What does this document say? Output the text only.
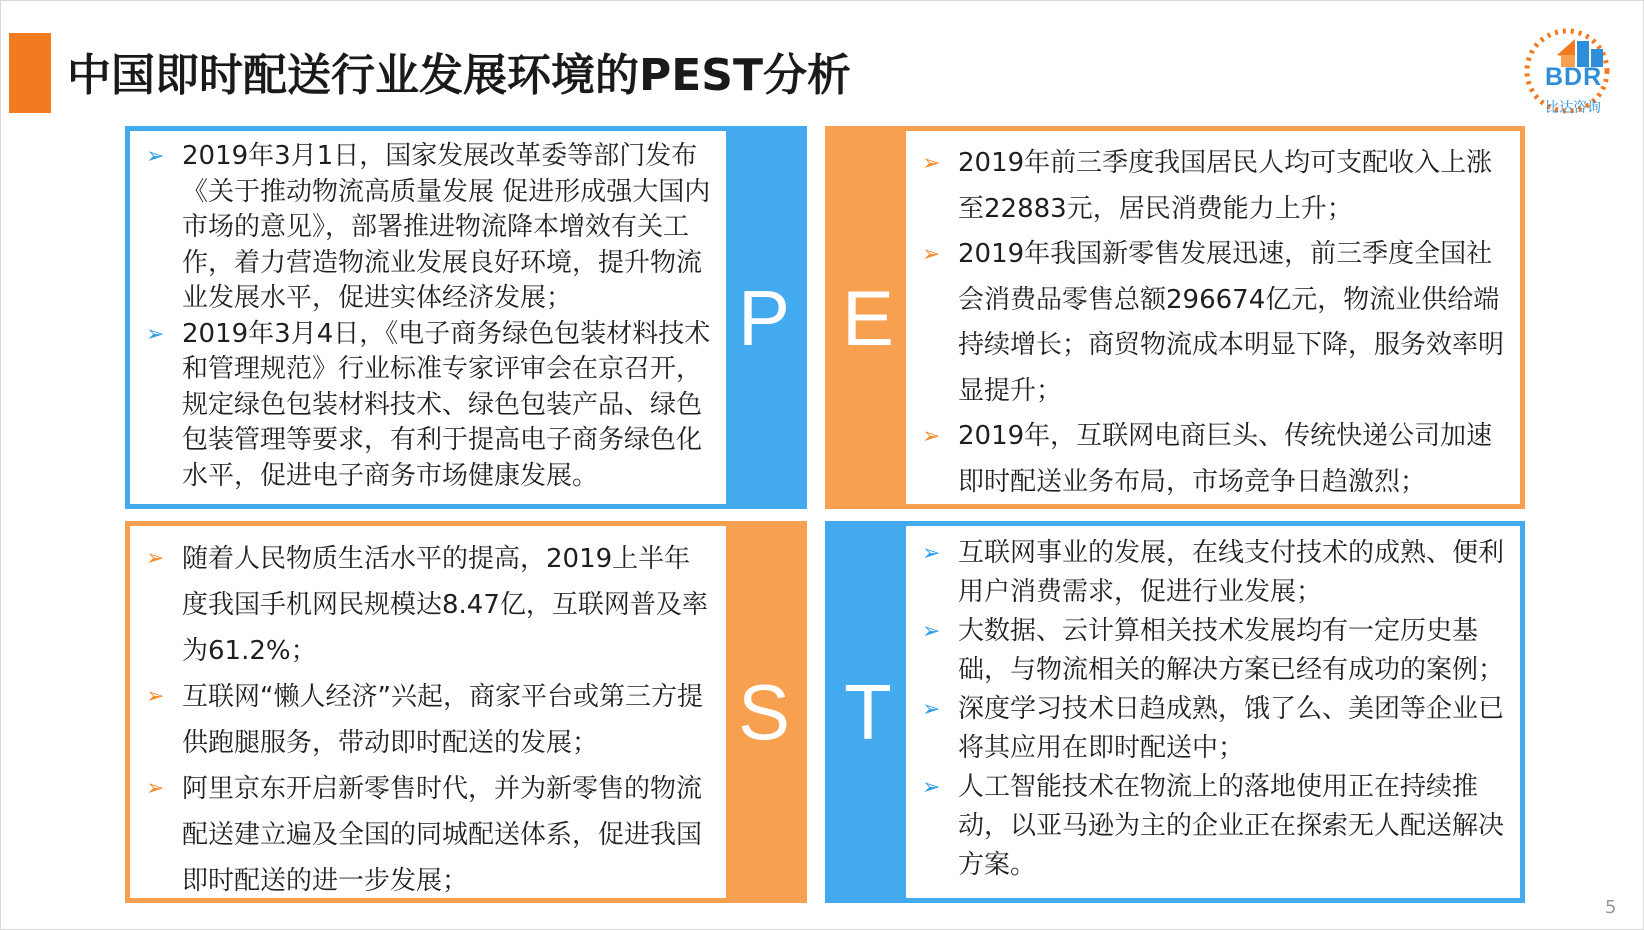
中国即时配送行业发展环境的PEST分析	BDR
比达咨询
➢ 2019年3月1日，国家发展改革委等部门发布《关于推动物流高质量发展 促进形成强大国内市场的意见》，部署推进物流降本增效有关工作，着力营造物流业发展良好环境，提升物流业发展水平，促进实体经济发展；
➢ 2019年3月4日，《电子商务绿色包装材料技术和管理规范》行业标准专家评审会在京召开，规定绿色包装材料技术、绿色包装产品、绿色包装管理等要求，有利于提高电子商务绿色化水平，促进电子商务市场健康发展。
P E
➢ 2019年前三季度我国居民人均可支配收入上涨至22883元，居民消费能力上升；
➢ 2019年我国新零售发展迅速，前三季度全国社会消费品零售总额296674亿元，物流业供给端持续增长；商贸物流成本明显下降，服务效率明显提升；
➢ 2019年，互联网电商巨头、传统快递公司加速即时配送业务布局，市场竞争日趋激烈；
➢ 随着人民物质生活水平的提高，2019上半年度我国手机网民规模达8.47亿，互联网普及率为61.2%；
➢ 互联网“懒人经济”兴起，商家平台或第三方提供跑腿服务，带动即时配送的发展；
➢ 阿里京东开启新零售时代，并为新零售的物流配送建立遍及全国的同城配送体系，促进我国即时配送的进一步发展；
S T
➢ 互联网事业的发展，在线支付技术的成熟、便利用户消费需求，促进行业发展；
➢ 大数据、云计算相关技术发展均有一定历史基础，与物流相关的解决方案已经有成功的案例；
➢ 深度学习技术日趋成熟，饿了么、美团等企业已将其应用在即时配送中；
➢ 人工智能技术在物流上的落地使用正在持续推动，以亚马逊为主的企业正在探索无人配送解决方案。
5
